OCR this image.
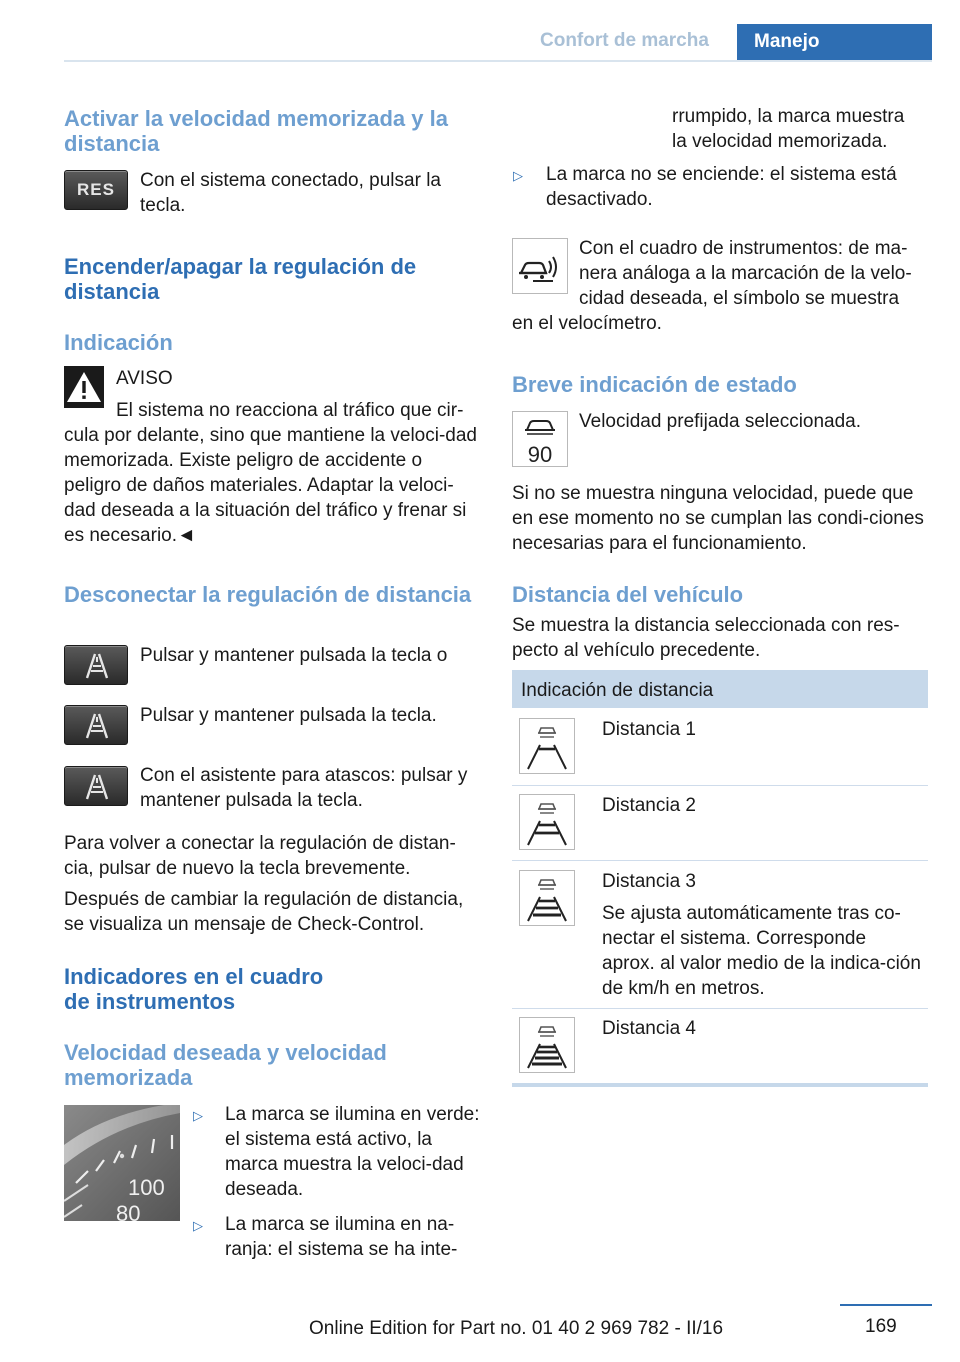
Confort de marcha	Manejo
Activar la velocidad memorizada y la distancia
RES	Con el sistema conectado, pulsar la tecla.
Encender/apagar la regulación de distancia
Indicación
AVISO
El sistema no reacciona al tráfico que cir-
cula por delante, sino que mantiene la veloci-dad memorizada. Existe peligro de accidente o peligro de daños materiales. Adaptar la veloci-dad deseada a la situación del tráfico y frenar si es necesario.◄
Desconectar la regulación de distancia
Pulsar y mantener pulsada la tecla o
Pulsar y mantener pulsada la tecla.
Con el asistente para atascos: pulsar y mantener pulsada la tecla.
Para volver a conectar la regulación de distan-cia, pulsar de nuevo la tecla brevemente.
Después de cambiar la regulación de distancia, se visualiza un mensaje de Check-Control.
Indicadores en el cuadro de instrumentos
Velocidad deseada y velocidad memorizada
100
80
▷ La marca se ilumina en verde: el sistema está activo, la marca muestra la veloci-dad deseada.
▷ La marca se ilumina en na-ranja: el sistema se ha inte-
rrumpido, la marca muestra la velocidad memorizada.
▷ La marca no se enciende: el sistema está desactivado.
Con el cuadro de instrumentos: de ma-nera análoga a la marcación de la velo-cidad deseada, el símbolo se muestra
en el velocímetro.
Breve indicación de estado
90
Velocidad prefijada seleccionada.
Si no se muestra ninguna velocidad, puede que en ese momento no se cumplan las condi-ciones necesarias para el funcionamiento.
Distancia del vehículo
Se muestra la distancia seleccionada con res-pecto al vehículo precedente.
Indicación de distancia
Distancia 1
Distancia 2
Distancia 3
Se ajusta automáticamente tras co-nectar el sistema. Corresponde aprox. al valor medio de la indica-ción de km/h en metros.
Distancia 4
169
Online Edition for Part no. 01 40 2 969 782 - II/16
